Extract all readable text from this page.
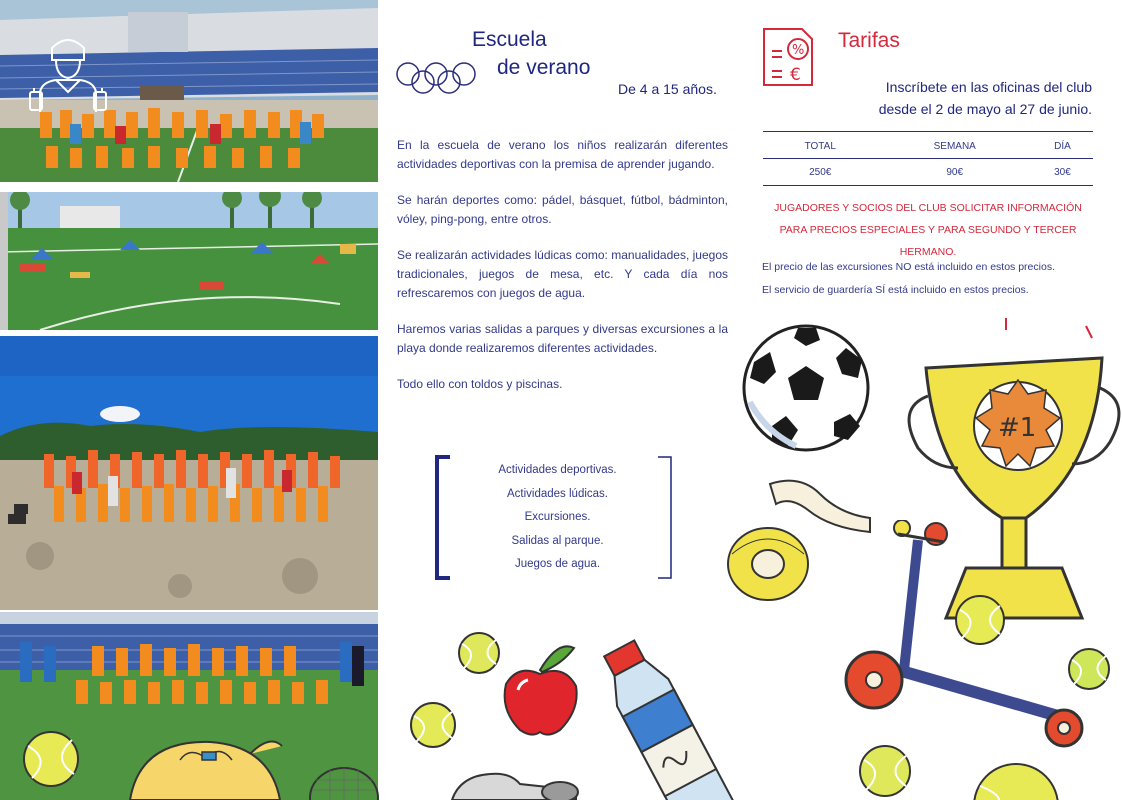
Escuela
de verano
De 4 a 15 años.

En la escuela de verano los niños realizarán diferentes actividades deportivas con la premisa de aprender jugando.

Se harán deportes como: pádel, básquet, fútbol, bádminton, vóley, ping-pong, entre otros.

Se realizarán actividades lúdicas como: manualidades, juegos tradicionales, juegos de mesa, etc. Y cada día nos refrescaremos con juegos de agua.

Haremos varias salidas a parques y diversas excursiones a la playa donde realizaremos diferentes actividades.

Todo ello con toldos y piscinas.

Actividades deportivas.
Actividades lúdicas.
Excursiones.
Salidas al parque.
Juegos de agua.
%
€
Tarifas
Inscríbete en las oficinas del club
desde el 2 de mayo al 27 de junio.
TOTAL	SEMANA	DÍA
250€	90€	30€
JUGADORES Y SOCIOS DEL CLUB SOLICITAR INFORMACIÓN
PARA PRECIOS ESPECIALES Y PARA SEGUNDO Y TERCER HERMANO.
El precio de las excursiones NO está incluido en estos precios.
El servicio de guardería SÍ está incluido en estos precios.
#1
